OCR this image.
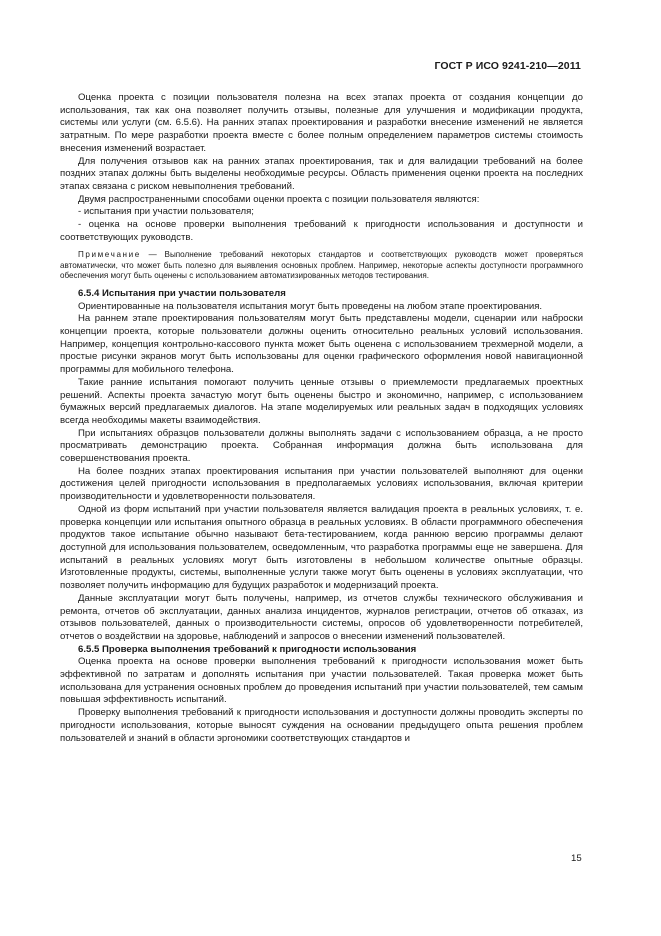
ГОСТ Р ИСО 9241-210—2011

Оценка проекта с позиции пользователя полезна на всех этапах проекта от создания концепции до использования, так как она позволяет получить отзывы, полезные для улучшения и модификации продукта, системы или услуги (см. 6.5.6). На ранних этапах проектирования и разработки внесение изменений не является затратным. По мере разработки проекта вместе с более полным определением параметров системы стоимость внесения изменений возрастает.

Для получения отзывов как на ранних этапах проектирования, так и для валидации требований на более поздних этапах должны быть выделены необходимые ресурсы. Область применения оценки проекта на последних этапах связана с риском невыполнения требований.

Двумя распространенными способами оценки проекта с позиции пользователя являются:

- испытания при участии пользователя;

- оценка на основе проверки выполнения требований к пригодности использования и доступности и соответствующих руководств.

Примечание — Выполнение требований некоторых стандартов и соответствующих руководств может проверяться автоматически, что может быть полезно для выявления основных проблем. Например, некоторые аспекты доступности программного обеспечения могут быть оценены с использованием автоматизированных методов тестирования.

6.5.4 Испытания при участии пользователя

Ориентированные на пользователя испытания могут быть проведены на любом этапе проектирования.

На раннем этапе проектирования пользователям могут быть представлены модели, сценарии или наброски концепции проекта, которые пользователи должны оценить относительно реальных условий использования. Например, концепция контрольно-кассового пункта может быть оценена с использованием трехмерной модели, а простые рисунки экранов могут быть использованы для оценки графического оформления новой навигационной программы для мобильного телефона.

Такие ранние испытания помогают получить ценные отзывы о приемлемости предлагаемых проектных решений. Аспекты проекта зачастую могут быть оценены быстро и экономично, например, с использованием бумажных версий предлагаемых диалогов. На этапе моделируемых или реальных задач в подходящих условиях всегда необходимы макеты взаимодействия.

При испытаниях образцов пользователи должны выполнять задачи с использованием образца, а не просто просматривать демонстрацию проекта. Собранная информация должна быть использована для совершенствования проекта.

На более поздних этапах проектирования испытания при участии пользователей выполняют для оценки достижения целей пригодности использования в предполагаемых условиях использования, включая критерии производительности и удовлетворенности пользователя.

Одной из форм испытаний при участии пользователя является валидация проекта в реальных условиях, т. е. проверка концепции или испытания опытного образца в реальных условиях. В области программного обеспечения продуктов такое испытание обычно называют бета-тестированием, когда раннюю версию программы делают доступной для использования пользователем, осведомленным, что разработка программы еще не завершена. Для испытаний в реальных условиях могут быть изготовлены в небольшом количестве опытные образцы. Изготовленные продукты, системы, выполненные услуги также могут быть оценены в условиях эксплуатации, что позволяет получить информацию для будущих разработок и модернизаций проекта.

Данные эксплуатации могут быть получены, например, из отчетов службы технического обслуживания и ремонта, отчетов об эксплуатации, данных анализа инцидентов, журналов регистрации, отчетов об отказах, из отзывов пользователей, данных о производительности системы, опросов об удовлетворенности потребителей, отчетов о воздействии на здоровье, наблюдений и запросов о внесении изменений пользователей.

6.5.5 Проверка выполнения требований к пригодности использования

Оценка проекта на основе проверки выполнения требований к пригодности использования может быть эффективной по затратам и дополнять испытания при участии пользователей. Такая проверка может быть использована для устранения основных проблем до проведения испытаний при участии пользователей, тем самым повышая эффективность испытаний.

Проверку выполнения требований к пригодности использования и доступности должны проводить эксперты по пригодности использования, которые выносят суждения на основании предыдущего опыта решения проблем пользователей и знаний в области эргономики соответствующих стандартов и

15
